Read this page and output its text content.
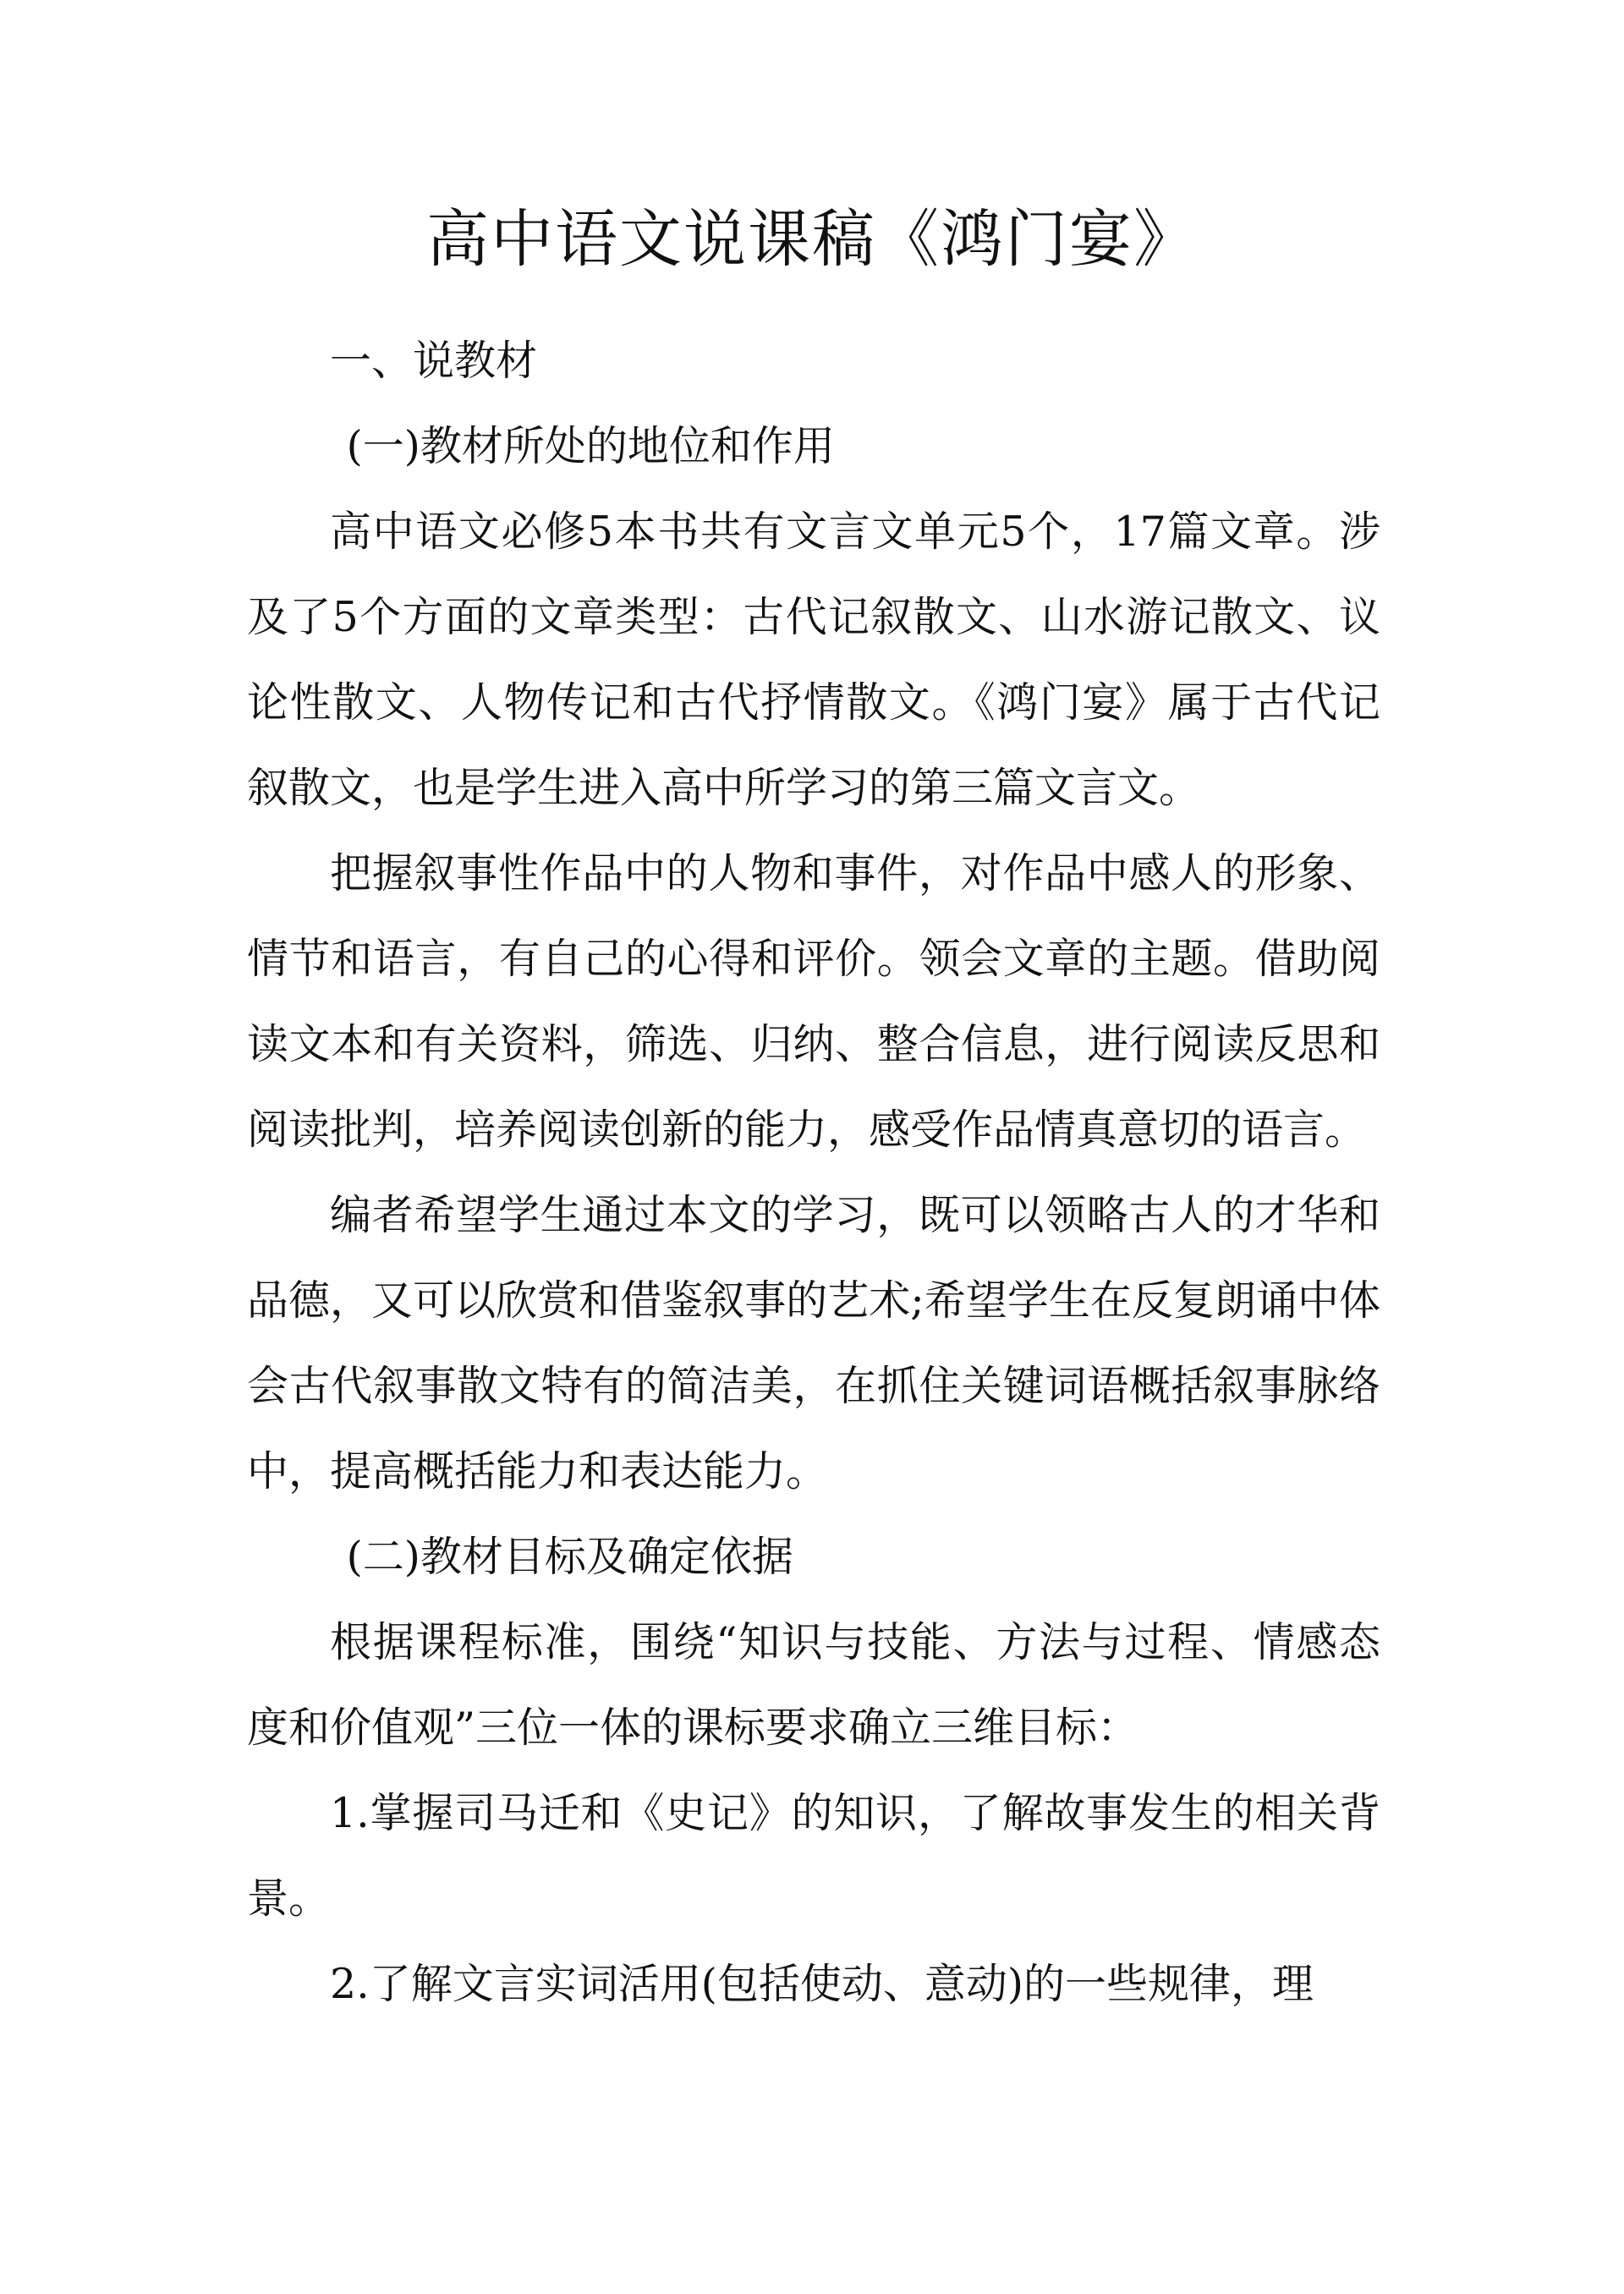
高中语文说课稿《鸿门宴》

一、说教材

(一)教材所处的地位和作用

高中语文必修5本书共有文言文单元5个，17篇文章。涉及了5个方面的文章类型：古代记叙散文、山水游记散文、议论性散文、人物传记和古代抒情散文。《鸿门宴》属于古代记叙散文，也是学生进入高中所学习的第三篇文言文。

把握叙事性作品中的人物和事件，对作品中感人的形象、情节和语言，有自己的心得和评价。领会文章的主题。借助阅读文本和有关资料，筛选、归纳、整合信息，进行阅读反思和阅读批判，培养阅读创新的能力，感受作品情真意切的语言。

编者希望学生通过本文的学习，既可以领略古人的才华和品德，又可以欣赏和借鉴叙事的艺术;希望学生在反复朗诵中体会古代叙事散文特有的简洁美，在抓住关键词语概括叙事脉络中，提高概括能力和表达能力。

(二)教材目标及确定依据

根据课程标准，围绕“知识与技能、方法与过程、情感态度和价值观”三位一体的课标要求确立三维目标：

1.掌握司马迁和《史记》的知识，了解故事发生的相关背景。

2.了解文言实词活用(包括使动、意动)的一些规律，理
